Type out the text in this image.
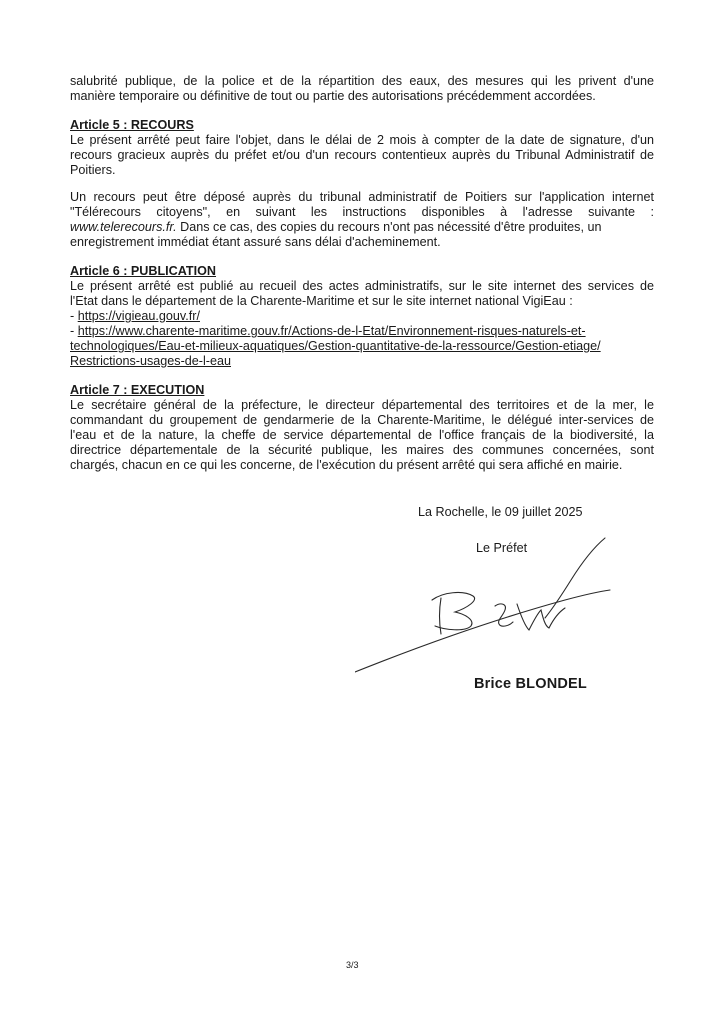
salubrité publique, de la police et de la répartition des eaux, des mesures qui les privent d'une
manière temporaire ou définitive de tout ou partie des autorisations précédemment accordées.

Article 5 : RECOURS

Le présent arrêté peut faire l'objet, dans le délai de 2 mois à compter de la date de signature, d'un
recours gracieux auprès du préfet et/ou d'un recours contentieux auprès du Tribunal Administratif de
Poitiers.
Un recours peut être déposé auprès du tribunal administratif de Poitiers sur l'application internet
"Télérecours citoyens", en suivant les instructions disponibles à l'adresse suivante :
www.telerecours.fr. Dans ce cas, des copies du recours n'ont pas nécessité d'être produites, un
enregistrement immédiat étant assuré sans délai d'acheminement.

Article 6 : PUBLICATION

Le présent arrêté est publié au recueil des actes administratifs, sur le site internet des services de
l'Etat dans le département de la Charente-Maritime et sur le site internet national VigiEau :
- https://vigieau.gouv.fr/
- https://www.charente-maritime.gouv.fr/Actions-de-l-Etat/Environnement-risques-naturels-et-
technologiques/Eau-et-milieux-aquatiques/Gestion-quantitative-de-la-ressource/Gestion-etiage/
Restrictions-usages-de-l-eau

Article 7 : EXECUTION

Le secrétaire général de la préfecture, le directeur départemental des territoires et de la mer, le
commandant du groupement de gendarmerie de la Charente-Maritime, le délégué inter-services de
l'eau et de la nature, la cheffe de service départemental de l'office français de la biodiversité, la
directrice départementale de la sécurité publique, les maires des communes concernées, sont
chargés, chacun en ce qui les concerne, de l'exécution du présent arrêté qui sera affiché en mairie.
La Rochelle, le 09 juillet 2025
Le Préfet
Brice BLONDEL
3/3
